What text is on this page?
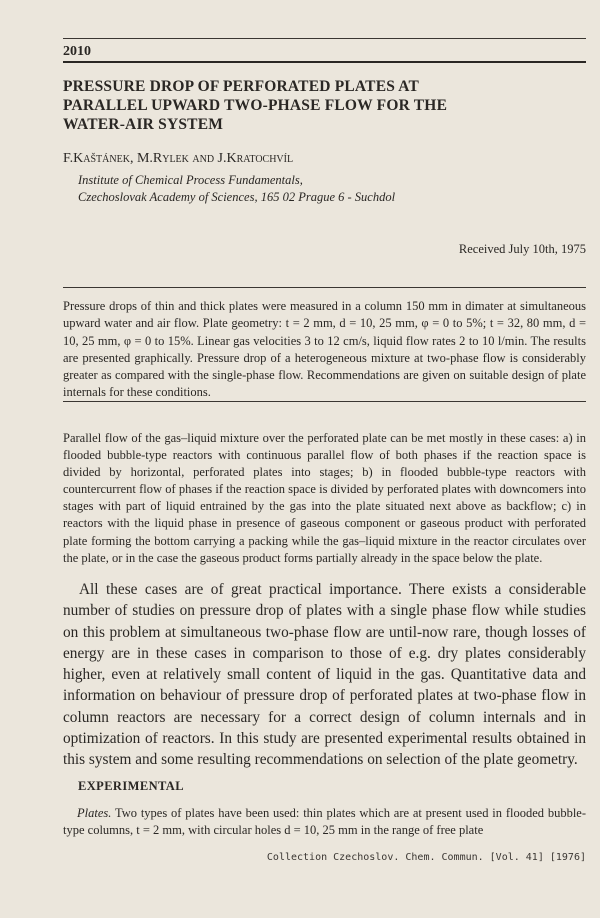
2010
PRESSURE DROP OF PERFORATED PLATES AT PARALLEL UPWARD TWO-PHASE FLOW FOR THE WATER-AIR SYSTEM
F.Kaštánek, M.Rylek and J.Kratochvíl
Institute of Chemical Process Fundamentals,
Czechoslovak Academy of Sciences, 165 02 Prague 6 - Suchdol
Received July 10th, 1975
Pressure drops of thin and thick plates were measured in a column 150 mm in dimater at simultaneous upward water and air flow. Plate geometry: t = 2 mm, d = 10, 25 mm, φ = 0 to 5%; t = 32, 80 mm, d = 10, 25 mm, φ = 0 to 15%. Linear gas velocities 3 to 12 cm/s, liquid flow rates 2 to 10 l/min. The results are presented graphically. Pressure drop of a heterogeneous mixture at two-phase flow is considerably greater as compared with the single-phase flow. Recommendations are given on suitable design of plate internals for these conditions.
Parallel flow of the gas–liquid mixture over the perforated plate can be met mostly in these cases: a) in flooded bubble-type reactors with continuous parallel flow of both phases if the reaction space is divided by horizontal, perforated plates into stages; b) in flooded bubble-type reactors with countercurrent flow of phases if the reaction space is divided by perforated plates with downcomers into stages with part of liquid entrained by the gas into the plate situated next above as backflow; c) in reactors with the liquid phase in presence of gaseous component or gaseous product with perforated plate forming the bottom carrying a packing while the gas–liquid mixture in the reactor circulates over the plate, or in the case the gaseous product forms partially already in the space below the plate.
All these cases are of great practical importance. There exists a considerable number of studies on pressure drop of plates with a single phase flow while studies on this problem at simultaneous two-phase flow are until-now rare, though losses of energy are in these cases in comparison to those of e.g. dry plates considerably higher, even at relatively small content of liquid in the gas. Quantitative data and information on behaviour of pressure drop of perforated plates at two-phase flow in column reactors are necessary for a correct design of column internals and in optimization of reactors. In this study are presented experimental results obtained in this system and some resulting recommendations on selection of the plate geometry.
EXPERIMENTAL
Plates. Two types of plates have been used: thin plates which are at present used in flooded bubble-type columns, t = 2 mm, with circular holes d = 10, 25 mm in the range of free plate
Collection Czechoslov. Chem. Commun. [Vol. 41] [1976]
